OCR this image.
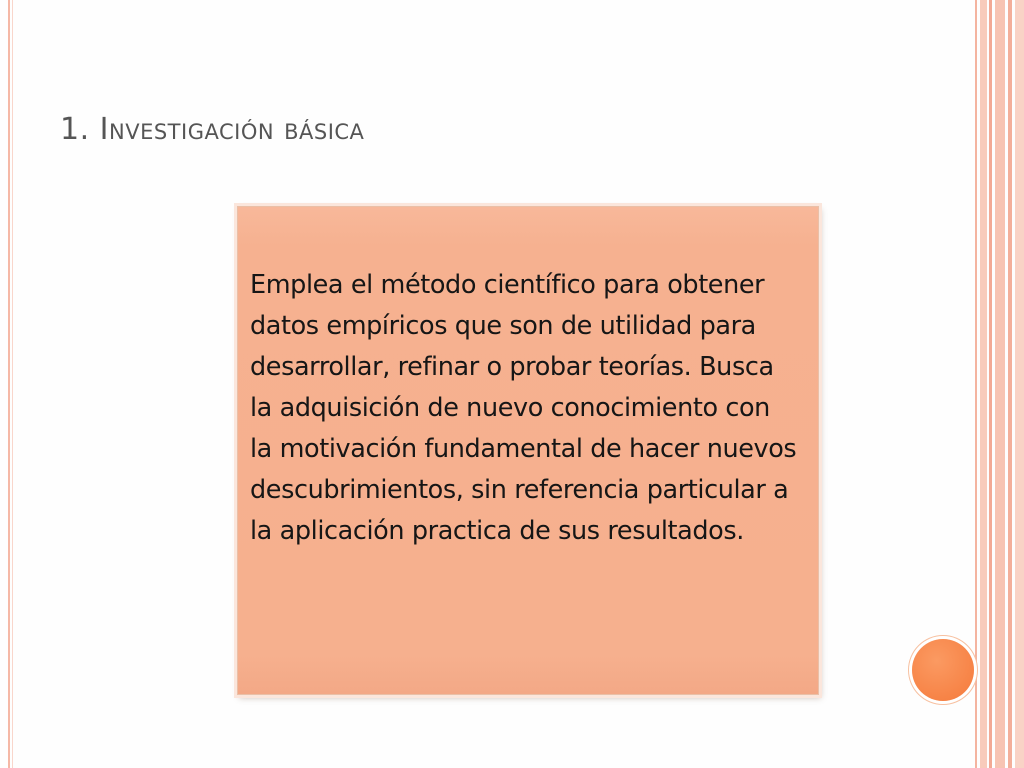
1. Investigación básica

Emplea el método científico para obtener datos empíricos que son de utilidad para desarrollar, refinar o probar teorías. Busca la adquisición de nuevo conocimiento con la motivación fundamental de hacer nuevos descubrimientos, sin referencia particular a la aplicación practica de sus resultados.
